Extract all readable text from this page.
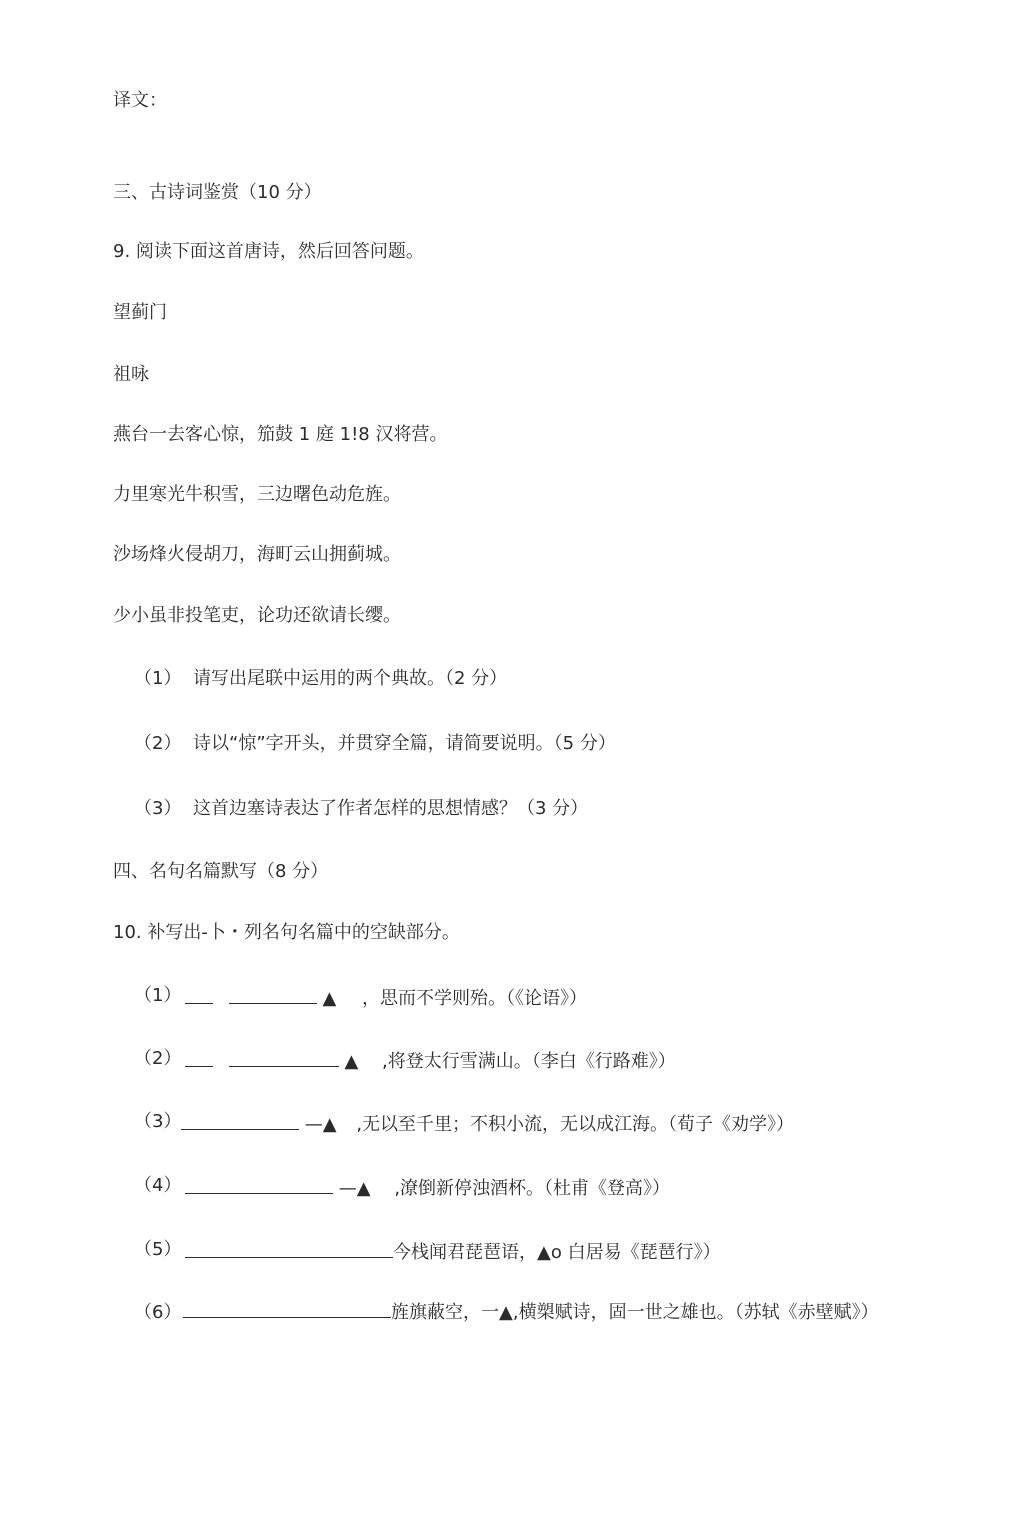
译文：
三、古诗词鉴赏（10 分）
9. 阅读下面这首唐诗，然后回答问题。
望蓟门
祖咏
燕台一去客心惊，笳鼓 1 庭 1!8 汉将营。
力里寒光牛积雪，三边曙色动危旌。
沙场烽火侵胡刀，海町云山拥蓟城。
少小虽非投笔吏，论功还欲请长缨。
（1） 请写出尾联中运用的两个典故。（2 分）
（2） 诗以“惊”字开头，并贯穿全篇，请简要说明。（5 分）
（3） 这首边塞诗表达了作者怎样的思想情感？（3 分）
四、名句名篇默写（8 分）
10. 补写出-卜・列名句名篇中的空缺部分。
（1）	▲ ，思而不学则殆。（《论语》）
（2）	▲ ,将登太行雪满山。（李白《行路难》）
（3）	—▲ ,无以至千里；不积小流，无以成江海。（荀子《劝学》）
（4）	—▲ ,潦倒新停浊酒杯。（杜甫《登高》）
（5）	今栈闻君琵琶语，▲o 白居易《琵琶行》）
（6）	旌旗蔽空，一▲,横槊赋诗，固一世之雄也。（苏轼《赤壁赋》）
